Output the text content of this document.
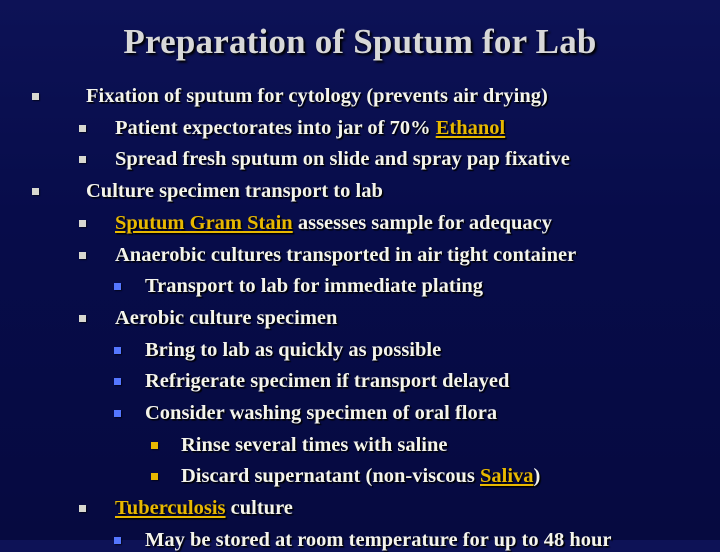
Preparation of Sputum for Lab
Fixation of sputum for cytology (prevents air drying)
Patient expectorates into jar of 70% Ethanol
Spread fresh sputum on slide and spray pap fixative
Culture specimen transport to lab
Sputum Gram Stain assesses sample for adequacy
Anaerobic cultures transported in air tight container
Transport to lab for immediate plating
Aerobic culture specimen
Bring to lab as quickly as possible
Refrigerate specimen if transport delayed
Consider washing specimen of oral flora
Rinse several times with saline
Discard supernatant (non-viscous Saliva)
Tuberculosis culture
May be stored at room temperature for up to 48 hour
